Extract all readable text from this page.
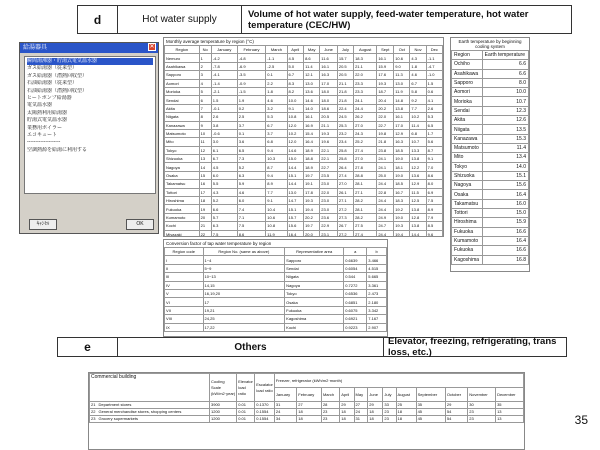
d	Hot water supply	Volume of hot water supply, feed-water temperature, hot water temperature (CEC/HW)
給湯器具
瞬間湯沸器・貯湯式電気温水器
ガス給湯器（従来型）
ガス給湯器（潜熱回収型）
石油給湯器（従来型）
石油給湯器（潜熱回収型）
ヒートポンプ給湯器
電気温水器
太陽熱利用給湯器
貯湯式電気温水器
業務用ボイラー
エコキュート
--------------------
空調熱源を給湯に利用する
ｷｬﾝｾﾙ	OK
✕
Monthly average temperature by region (°C)
Region	No	January	February	March	April	May	June	July	August	Sept	Oct	Nov	Dec
Nemuro	1	-4.2	-4.8	-1.1	4.5	8.6	11.6	15.7	18.3	16.1	10.6	4.3	-1.1
Asahikawa	2	-7.8	-6.9	-2.5	5.0	11.4	16.1	20.5	21.1	15.9	9.0	1.8	-4.7
Sapporo	3	-4.1	-3.5	0.1	6.7	12.1	16.3	20.5	22.0	17.6	11.3	4.6	-1.0
Aomori	4	-1.4	-0.9	2.2	8.3	13.0	17.0	21.1	23.3	19.3	13.0	6.7	1.5
Morioka	5	-2.1	-1.5	1.8	8.2	13.6	18.0	21.8	23.3	18.7	11.9	5.8	0.6
Sendai	6	1.5	1.9	4.6	10.0	14.6	18.0	21.8	24.1	20.4	14.8	9.2	4.1
Akita	7	-0.1	0.2	3.2	9.1	14.0	18.6	22.4	24.4	20.2	13.8	7.7	2.6
Niigata	8	2.6	2.5	5.3	10.8	16.1	20.5	24.5	26.2	22.0	16.1	10.2	5.3
Kanazawa	9	3.8	3.7	6.7	12.0	16.9	21.1	25.3	27.0	22.7	17.0	11.4	6.5
Matsumoto	10	-0.6	0.1	3.7	10.2	15.4	19.3	23.2	24.3	19.8	12.9	6.8	1.7
Mito	11	3.0	3.6	6.8	12.0	16.4	19.6	23.4	25.2	21.8	16.3	10.7	5.6
Tokyo	12	6.1	6.5	9.4	14.6	18.9	22.1	25.8	27.4	23.8	18.5	13.3	8.7
Shizuoka	13	6.7	7.3	10.3	15.0	18.8	22.1	25.8	27.0	24.1	19.0	13.8	9.1
Nagoya	14	4.5	5.2	8.7	14.4	18.9	22.7	26.4	27.8	24.1	18.1	12.2	7.0
Osaka	15	6.0	6.3	9.4	15.1	19.7	23.5	27.4	28.8	25.0	19.0	13.6	8.6
Takamatsu	16	5.5	5.9	8.9	14.4	19.1	23.0	27.0	28.1	24.4	18.5	12.9	8.0
Tottori	17	4.3	4.6	7.7	13.0	17.8	22.0	26.1	27.1	22.8	16.7	11.5	6.9
Hiroshima	18	5.2	6.0	9.1	14.7	19.3	23.0	27.1	28.2	24.4	18.3	12.5	7.5
Fukuoka	19	6.6	7.4	10.4	15.1	19.4	23.0	27.2	28.1	24.4	19.2	13.8	8.9
Kumamoto	20	5.7	7.1	10.6	15.7	20.2	23.6	27.3	28.2	24.9	19.0	12.8	7.9
Kochi	21	6.3	7.5	10.8	15.6	19.7	22.9	26.7	27.5	24.7	19.3	13.8	8.5
Miyazaki	22	7.5	8.6	11.9	16.4	20.0	23.1	27.2	27.4	24.4	19.4	14.4	9.6

Conversion factor of tap water temperature by region
Region code	Region No. (same as above)	Representative area	a	b
I	1~4	Sapporo	0.6639	3.466
II	5~9	Sendai	0.6054	4.515
III	10~13	Niigata	0.544	5.665
IV	14,15	Nagoya	0.7272	3.361
V	16,19,20	Tokyo	0.6536	2.473
VI	17	Osaka	0.6851	2.180
VII	19,21	Fukuoka	0.6075	3.342
VIII	24,25	Kagoshima	0.6921	7.167
IX	17,22	Kochi	0.9223	2.907
Earth temperature by beginning cooling system
Region	Earth temperature
Ochiho	6.6
Asahikawa	6.6
Sapporo	8.0
Aomori	10.0
Morioka	10.7
Sendai	12.3
Akita	12.6
Niigata	13.5
Kanazawa	15.3
Matsumoto	11.4
Mito	13.4
Tokyo	14.0
Shizuoka	15.1
Nagoya	15.6
Osaka	16.4
Takamatsu	16.0
Tottori	15.0
Hiroshima	15.9
Fukuoka	16.6
Kumamoto	16.4
Fukuoka	16.6
Kagoshima	16.8
e	Others	Elevator, freezing, refrigerating, trans loss, etc.)
Commercial building	Cooling Scale (kW/m2·year)	Elevator load ratio	Escalator load ratio	Freezer, refrigerator (kWh/m2·month)											
				January	February	March	April	May	June	July	August	September	October	November	December
21 Department stores	3900	0.01	0.1370	31	27	28	29	27	29	33	25	35	29	30	35
22 General merchandise stores, shopping centers	1200	0.01	0.1554	24	18	23	18	24	18	23	18	45	54	23	13
23 Grocery supermarkets	1200	0.01	0.1554	34	18	23	18	31	18	23	18	45	54	23	13	35
